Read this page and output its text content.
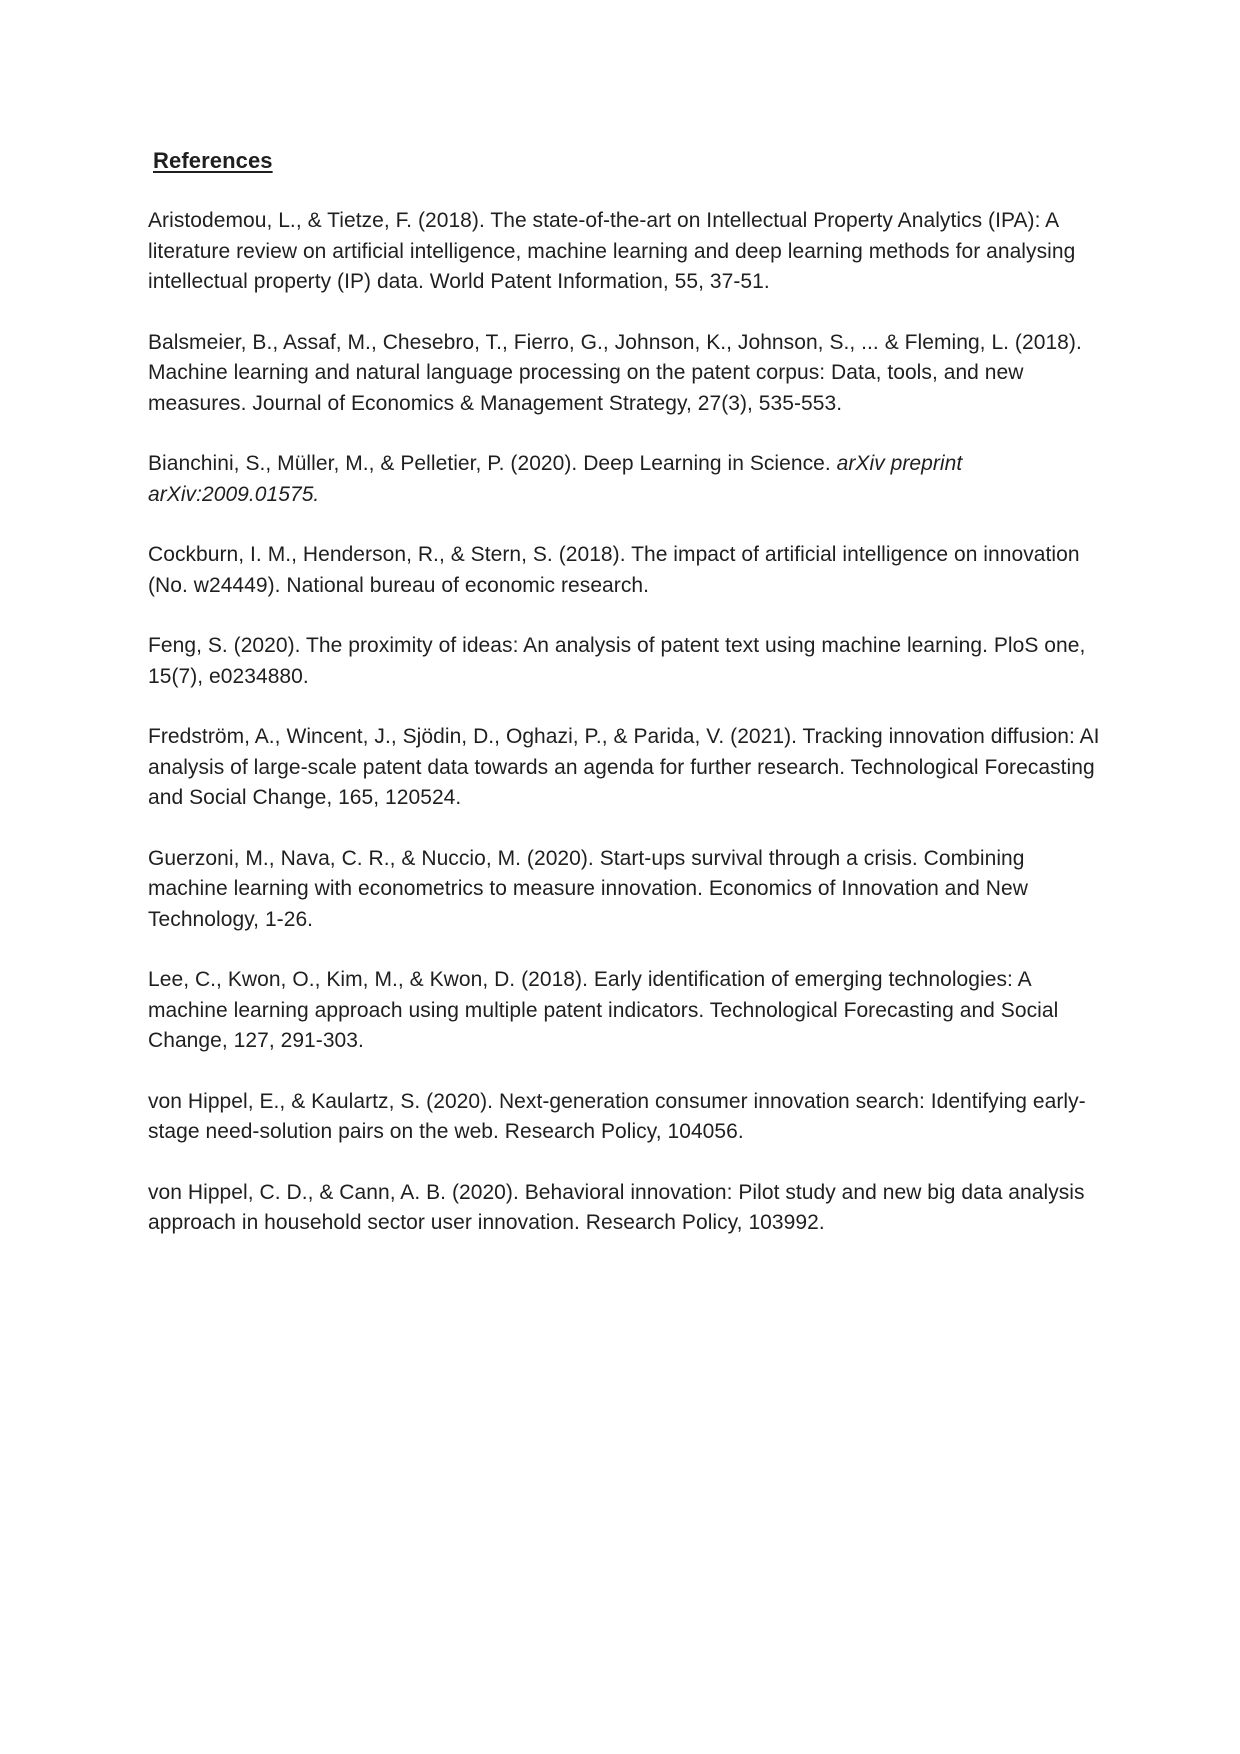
References

Aristodemou, L., & Tietze, F. (2018). The state-of-the-art on Intellectual Property Analytics (IPA): A literature review on artificial intelligence, machine learning and deep learning methods for analysing intellectual property (IP) data. World Patent Information, 55, 37-51.

Balsmeier, B., Assaf, M., Chesebro, T., Fierro, G., Johnson, K., Johnson, S., ... & Fleming, L. (2018). Machine learning and natural language processing on the patent corpus: Data, tools, and new measures. Journal of Economics & Management Strategy, 27(3), 535-553.

Bianchini, S., Müller, M., & Pelletier, P. (2020). Deep Learning in Science. arXiv preprint arXiv:2009.01575.

Cockburn, I. M., Henderson, R., & Stern, S. (2018). The impact of artificial intelligence on innovation (No. w24449). National bureau of economic research.

Feng, S. (2020). The proximity of ideas: An analysis of patent text using machine learning. PloS one, 15(7), e0234880.

Fredström, A., Wincent, J., Sjödin, D., Oghazi, P., & Parida, V. (2021). Tracking innovation diffusion: AI analysis of large-scale patent data towards an agenda for further research. Technological Forecasting and Social Change, 165, 120524.

Guerzoni, M., Nava, C. R., & Nuccio, M. (2020). Start-ups survival through a crisis. Combining machine learning with econometrics to measure innovation. Economics of Innovation and New Technology, 1-26.

Lee, C., Kwon, O., Kim, M., & Kwon, D. (2018). Early identification of emerging technologies: A machine learning approach using multiple patent indicators. Technological Forecasting and Social Change, 127, 291-303.

von Hippel, E., & Kaulartz, S. (2020). Next-generation consumer innovation search: Identifying early-stage need-solution pairs on the web. Research Policy, 104056.

von Hippel, C. D., & Cann, A. B. (2020). Behavioral innovation: Pilot study and new big data analysis approach in household sector user innovation. Research Policy, 103992.
